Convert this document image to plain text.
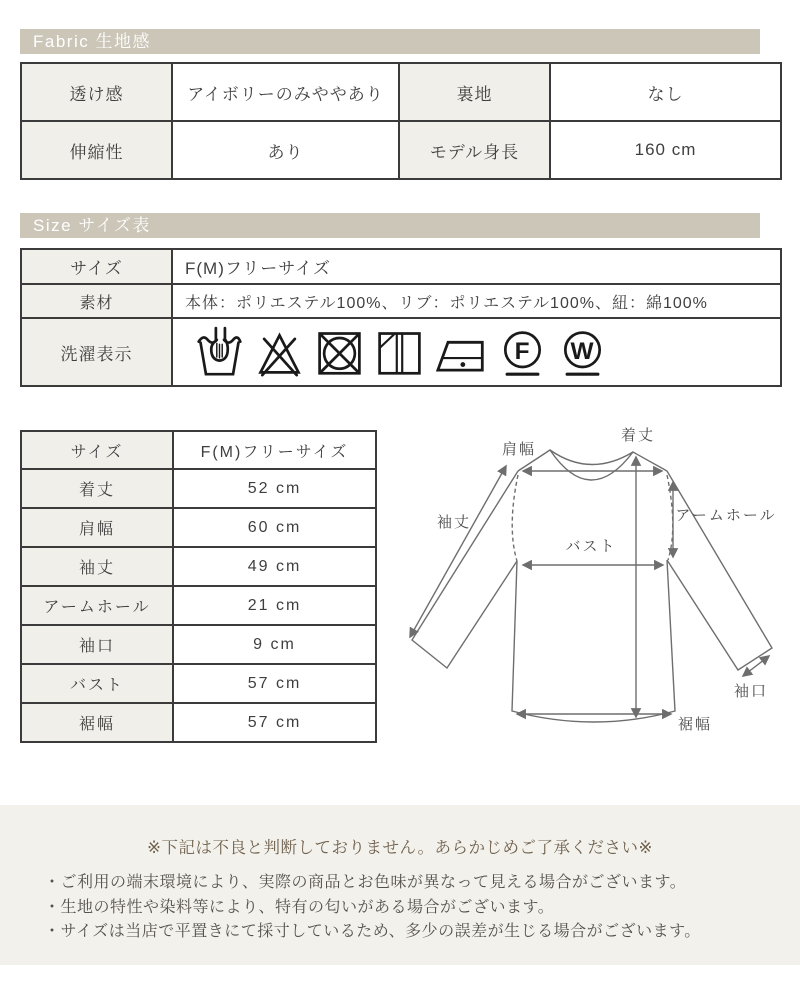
Fabric 生地感
透け感	アイボリーのみややあり	裏地	なし
伸縮性	あり	モデル身長	160 cm
Size サイズ表
サイズ	F(M)フリーサイズ
素材	本体：ポリエステル100%、リブ：ポリエステル100%、紐：綿100%
洗濯表示	F W
サイズ	F(M)フリーサイズ
着丈	52 cm
肩幅	60 cm
袖丈	49 cm
アームホール	21 cm
袖口	9 cm
バスト	57 cm
裾幅	57 cm
着丈
肩幅
袖丈	アームホール
バスト
袖口
裾幅
※下記は不良と判断しておりません。あらかじめご了承ください※
・ご利用の端末環境により、実際の商品とお色味が異なって見える場合がございます。
・生地の特性や染料等により、特有の匂いがある場合がございます。
・サイズは当店で平置きにて採寸しているため、多少の誤差が生じる場合がございます。
